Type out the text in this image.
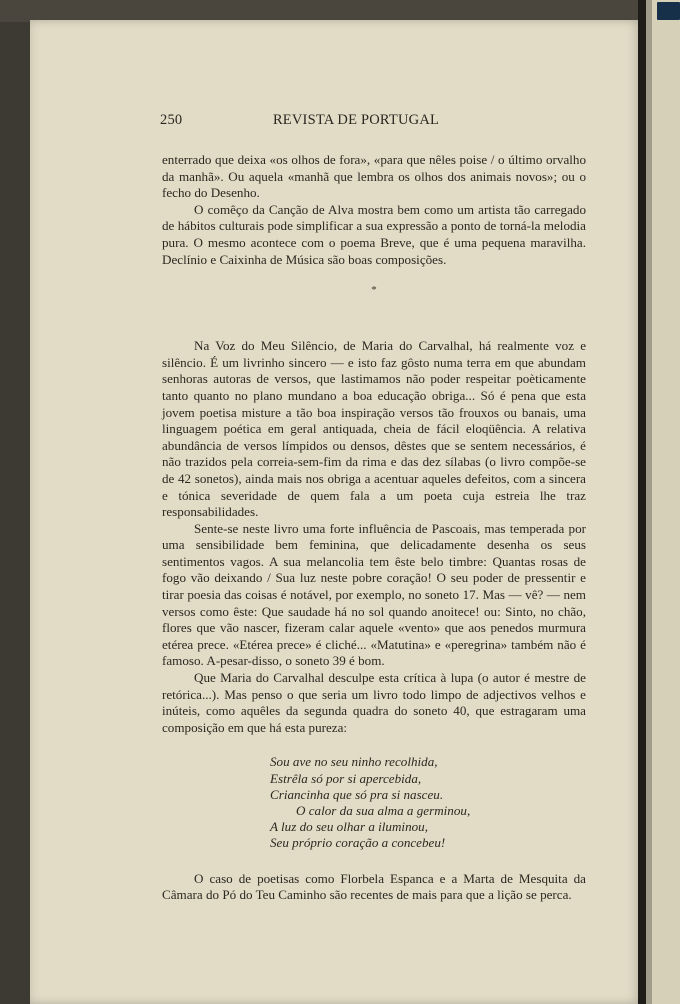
250	REVISTA DE PORTUGAL

enterrado que deixa «os olhos de fora», «para que nêles poise / o último orvalho da manhã». Ou aquela «manhã que lembra os olhos dos animais novos»; ou o fecho do Desenho.

O comêço da Canção de Alva mostra bem como um artista tão carregado de hábitos culturais pode simplificar a sua expressão a ponto de torná-la melodia pura. O mesmo acontece com o poema Breve, que é uma pequena maravilha. Declínio e Caixinha de Música são boas composições.

*

Na Voz do Meu Silêncio, de Maria do Carvalhal, há realmente voz e silêncio. É um livrinho sincero — e isto faz gôsto numa terra em que abundam senhoras autoras de versos, que lastimamos não poder respeitar poèticamente tanto quanto no plano mundano a boa educação obriga... Só é pena que esta jovem poetisa misture a tão boa inspiração versos tão frouxos ou banais, uma linguagem poética em geral antiquada, cheia de fácil eloqüência. A relativa abundância de versos límpidos ou densos, dêstes que se sentem necessários, é não trazidos pela correia-sem-fim da rima e das dez sílabas (o livro compõe-se de 42 sonetos), ainda mais nos obriga a acentuar aqueles defeitos, com a sincera e tónica severidade de quem fala a um poeta cuja estreia lhe traz responsabilidades.

Sente-se neste livro uma forte influência de Pascoais, mas temperada por uma sensibilidade bem feminina, que delicadamente desenha os seus sentimentos vagos. A sua melancolia tem êste belo timbre: Quantas rosas de fogo vão deixando / Sua luz neste pobre coração! O seu poder de pressentir e tirar poesia das coisas é notável, por exemplo, no soneto 17. Mas — vê? — nem versos como êste: Que saudade há no sol quando anoitece! ou: Sinto, no chão, flores que vão nascer, fizeram calar aquele «vento» que aos penedos murmura etérea prece. «Etérea prece» é cliché... «Matutina» e «peregrina» também não é famoso. A-pesar-disso, o soneto 39 é bom.

Que Maria do Carvalhal desculpe esta crítica à lupa (o autor é mestre de retórica...). Mas penso o que seria um livro todo limpo de adjectivos velhos e inúteis, como aquêles da segunda quadra do soneto 40, que estragaram uma composição em que há esta pureza:

Sou ave no seu ninho recolhida,
Estrêla só por si apercebida,
Criancinha que só pra si nasceu.
O calor da sua alma a germinou,
A luz do seu olhar a iluminou,
Seu próprio coração a concebeu!

O caso de poetisas como Florbela Espanca e a Marta de Mesquita da Câmara do Pó do Teu Caminho são recentes de mais para que a lição se perca.
